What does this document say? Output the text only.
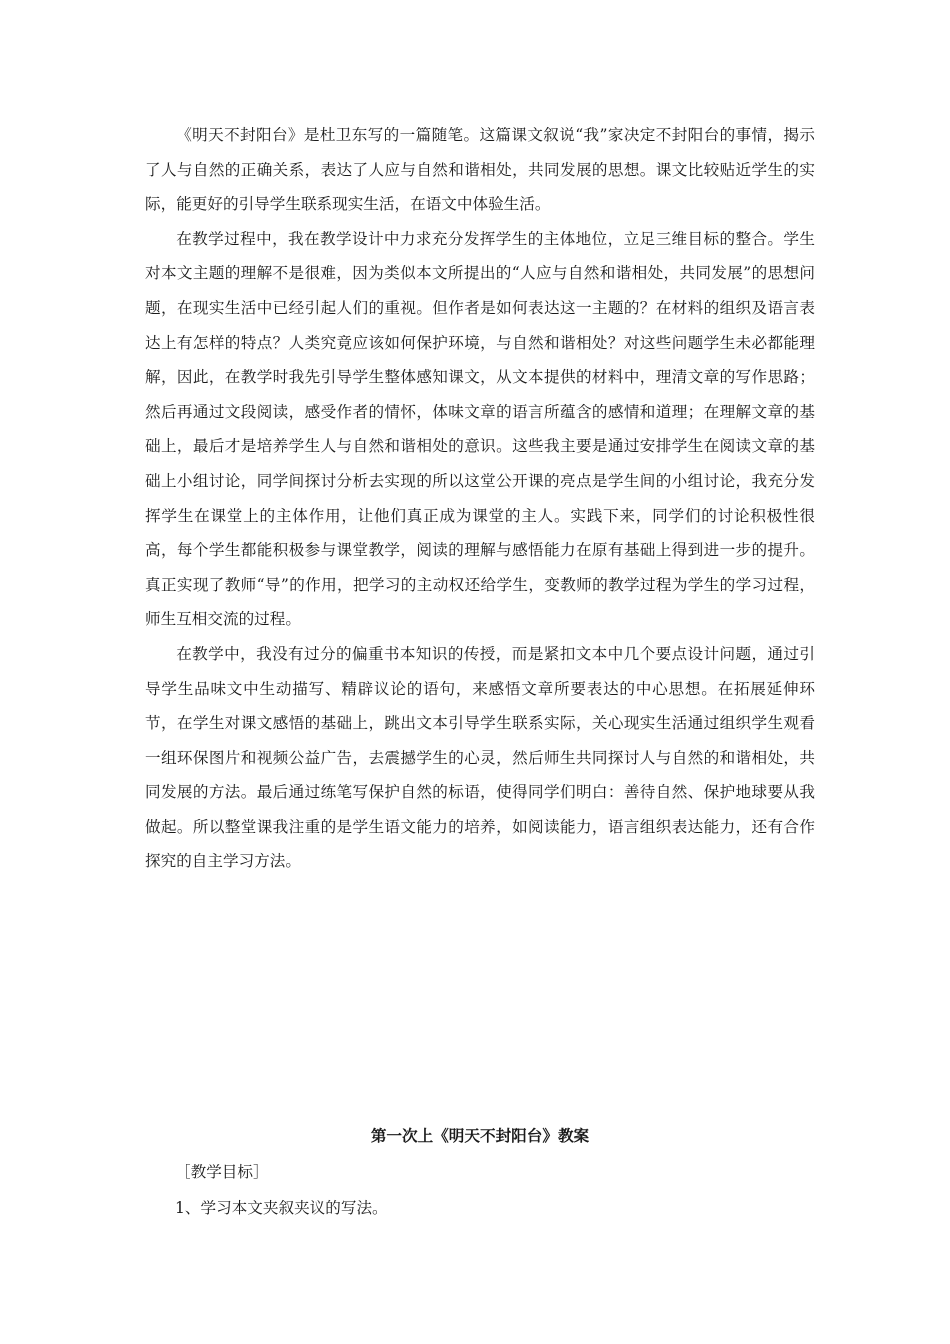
《明天不封阳台》是杜卫东写的一篇随笔。这篇课文叙说“我”家决定不封阳台的事情，揭示了人与自然的正确关系，表达了人应与自然和谐相处，共同发展的思想。课文比较贴近学生的实际，能更好的引导学生联系现实生活，在语文中体验生活。

在教学过程中，我在教学设计中力求充分发挥学生的主体地位，立足三维目标的整合。学生对本文主题的理解不是很难，因为类似本文所提出的“人应与自然和谐相处，共同发展”的思想问题，在现实生活中已经引起人们的重视。但作者是如何表达这一主题的？在材料的组织及语言表达上有怎样的特点？人类究竟应该如何保护环境，与自然和谐相处？对这些问题学生未必都能理解，因此，在教学时我先引导学生整体感知课文，从文本提供的材料中，理清文章的写作思路；然后再通过文段阅读，感受作者的情怀，体味文章的语言所蕴含的感情和道理；在理解文章的基础上，最后才是培养学生人与自然和谐相处的意识。这些我主要是通过安排学生在阅读文章的基础上小组讨论，同学间探讨分析去实现的所以这堂公开课的亮点是学生间的小组讨论，我充分发挥学生在课堂上的主体作用，让他们真正成为课堂的主人。实践下来，同学们的讨论积极性很高，每个学生都能积极参与课堂教学，阅读的理解与感悟能力在原有基础上得到进一步的提升。真正实现了教师“导”的作用，把学习的主动权还给学生，变教师的教学过程为学生的学习过程，师生互相交流的过程。

在教学中，我没有过分的偏重书本知识的传授，而是紧扣文本中几个要点设计问题，通过引导学生品味文中生动描写、精辟议论的语句，来感悟文章所要表达的中心思想。在拓展延伸环节，在学生对课文感悟的基础上，跳出文本引导学生联系实际，关心现实生活通过组织学生观看一组环保图片和视频公益广告，去震撼学生的心灵，然后师生共同探讨人与自然的和谐相处，共同发展的方法。最后通过练笔写保护自然的标语，使得同学们明白：善待自然、保护地球要从我做起。所以整堂课我注重的是学生语文能力的培养，如阅读能力，语言组织表达能力，还有合作探究的自主学习方法。

第一次上《明天不封阳台》教案

［教学目标］

1、学习本文夹叙夹议的写法。
